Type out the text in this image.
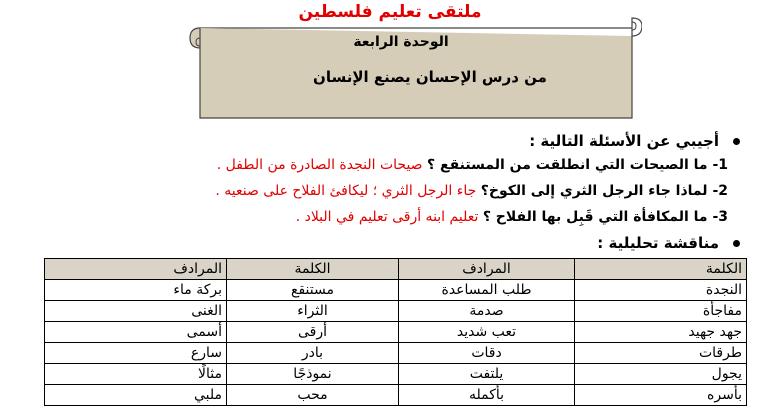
ملتقى تعليم فلسطين
الوحدة الرابعة
من درس الإحسان يصنع الإنسان
أجيبي عن الأسئلة التالية :
1- ما الصيحات التي انطلقت من المستنقع ؟ صيحات النجدة الصادرة من الطفل .
2- لماذا جاء الرجل الثري إلى الكوخ؟ جاء الرجل الثري ؛ ليكافئ الفلاح على صنعيه .
3- ما المكافأة التي قَبِل بها الفلاح ؟ تعليم ابنه أرقى تعليم في البلاد .
مناقشة تحليلية :
الكلمة	المرادف	الكلمة	المرادف
النجدة	طلب المساعدة	مستنقع	بركة ماء
مفاجأة	صدمة	الثراء	الغنى
جهد جهيد	تعب شديد	أرقى	أسمى
طرقات	دقات	بادر	سارع
يجول	يلتفت	نموذجًا	مثالًا
بأسره	بأكمله	محب	ملبي
